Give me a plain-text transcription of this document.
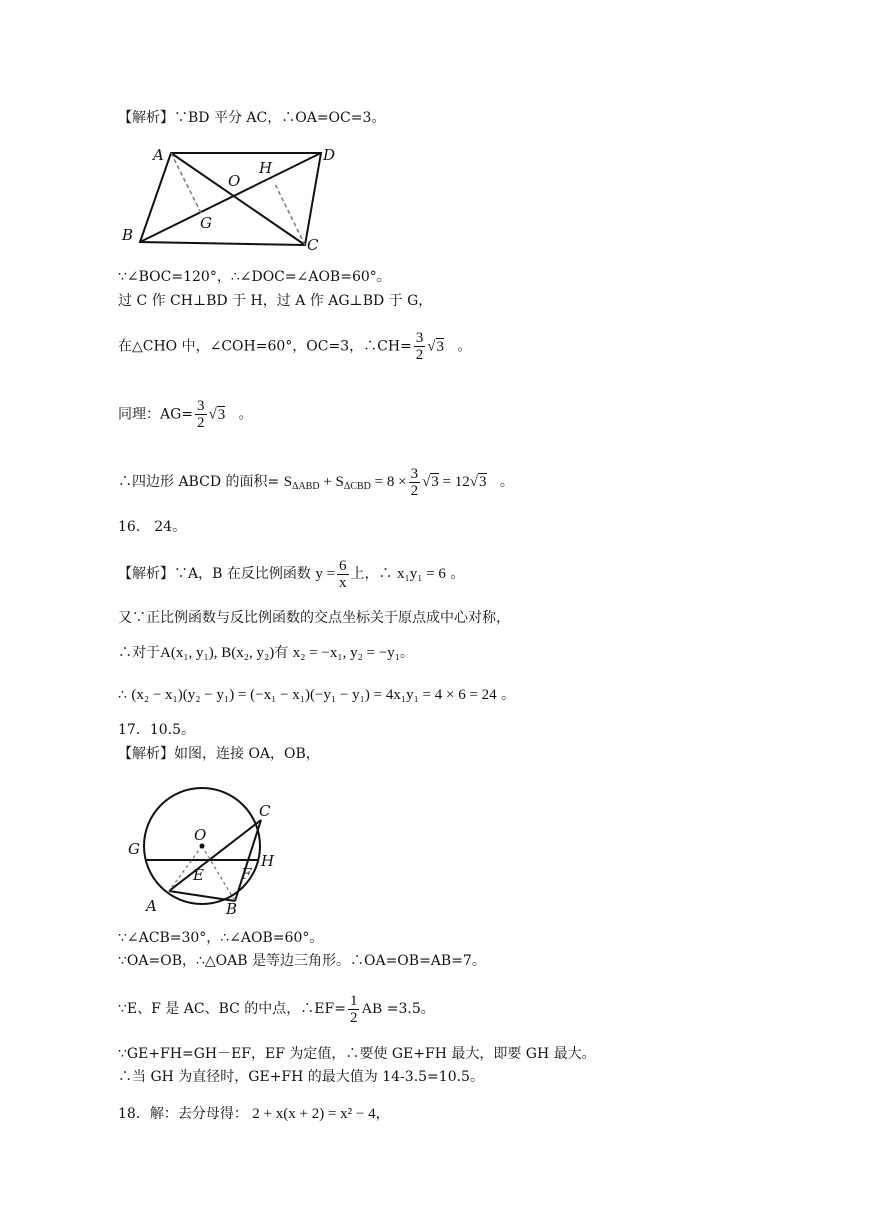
【解析】∵BD 平分 AC，∴OA=OC=3。
A	D
O
H
G
B
C
∵∠BOC=120°，∴∠DOC=∠AOB=60°。
过 C 作 CH⊥BD 于 H，过 A 作 AG⊥BD 于 G，
在△CHO 中，∠COH=60°，OC=3，∴CH= $\frac{3}{2} √3$ 。
同理：$AG= \frac{3}{2} √3$ 。
∴四边形 ABCD 的面积= $S_{\Delta ABD} + S_{\Delta CBD} = 8 \times \frac{3}{2} √3 = 12√3$ 。
16． 24。
【解析】∵A，B 在反比例函数 $y = \frac{6}{x}$ 上，∴ x₁y₁ = 6 。
又∵正比例函数与反比例函数的交点坐标关于原点成中心对称，
∴对于A(x₁, y₁), B(x₂, y₂)有 x₂ = −x₁, y₂ = −y₁。
∴ (x₂ − x₁)(y₂ − y₁) = (−x₁ − x₁)(−y₁ − y₁) = 4x₁y₁ = 4 × 6 = 24 。
17．10.5。
【解析】如图，连接 OA，OB，
C
O
G
H
E F
A	B
∵∠ACB=30°，∴∠AOB=60°。
∵OA=OB，∴△OAB 是等边三角形。∴OA=OB=AB=7。
∵E、F 是 AC、BC 的中点，∴EF= $\frac{1}{2}$ AB =3.5。
∵GE+FH=GH－EF，EF 为定值，∴要使 GE+FH 最大，即要 GH 最大。
∴当 GH 为直径时，GE+FH 的最大值为 14-3.5=10.5。
18．解：去分母得： 2 + x(x + 2) = x² − 4，
